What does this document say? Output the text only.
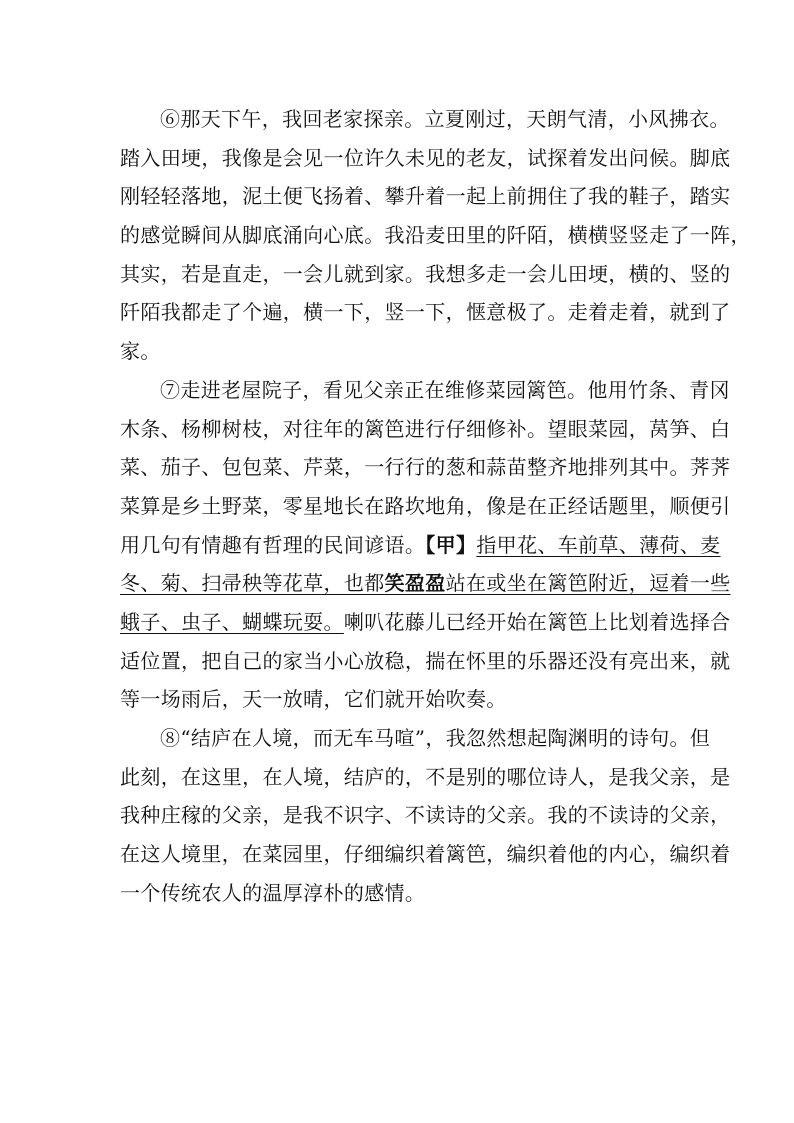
⑥那天下午，我回老家探亲。立夏刚过，天朗气清，小风拂衣。
踏入田埂，我像是会见一位许久未见的老友，试探着发出问候。脚底
刚轻轻落地，泥土便飞扬着、攀升着一起上前拥住了我的鞋子，踏实
的感觉瞬间从脚底涌向心底。我沿麦田里的阡陌，横横竖竖走了一阵，
其实，若是直走，一会儿就到家。我想多走一会儿田埂，横的、竖的
阡陌我都走了个遍，横一下，竖一下，惬意极了。走着走着，就到了
家。
⑦走进老屋院子，看见父亲正在维修菜园篱笆。他用竹条、青冈
木条、杨柳树枝，对往年的篱笆进行仔细修补。望眼菜园，莴笋、白
菜、茄子、包包菜、芹菜，一行行的葱和蒜苗整齐地排列其中。荠荠
菜算是乡土野菜，零星地长在路坎地角，像是在正经话题里，顺便引
用几句有情趣有哲理的民间谚语。【甲】指甲花、车前草、薄荷、麦
冬、菊、扫帚秧等花草，也都笑盈盈站在或坐在篱笆附近，逗着一些
蛾子、虫子、蝴蝶玩耍。喇叭花藤儿已经开始在篱笆上比划着选择合
适位置，把自己的家当小心放稳，揣在怀里的乐器还没有亮出来，就
等一场雨后，天一放晴，它们就开始吹奏。
⑧“结庐在人境，而无车马喧”，我忽然想起陶渊明的诗句。但
此刻，在这里，在人境，结庐的，不是别的哪位诗人，是我父亲，是
我种庄稼的父亲，是我不识字、不读诗的父亲。我的不读诗的父亲，
在这人境里，在菜园里，仔细编织着篱笆，编织着他的内心，编织着
一个传统农人的温厚淳朴的感情。
